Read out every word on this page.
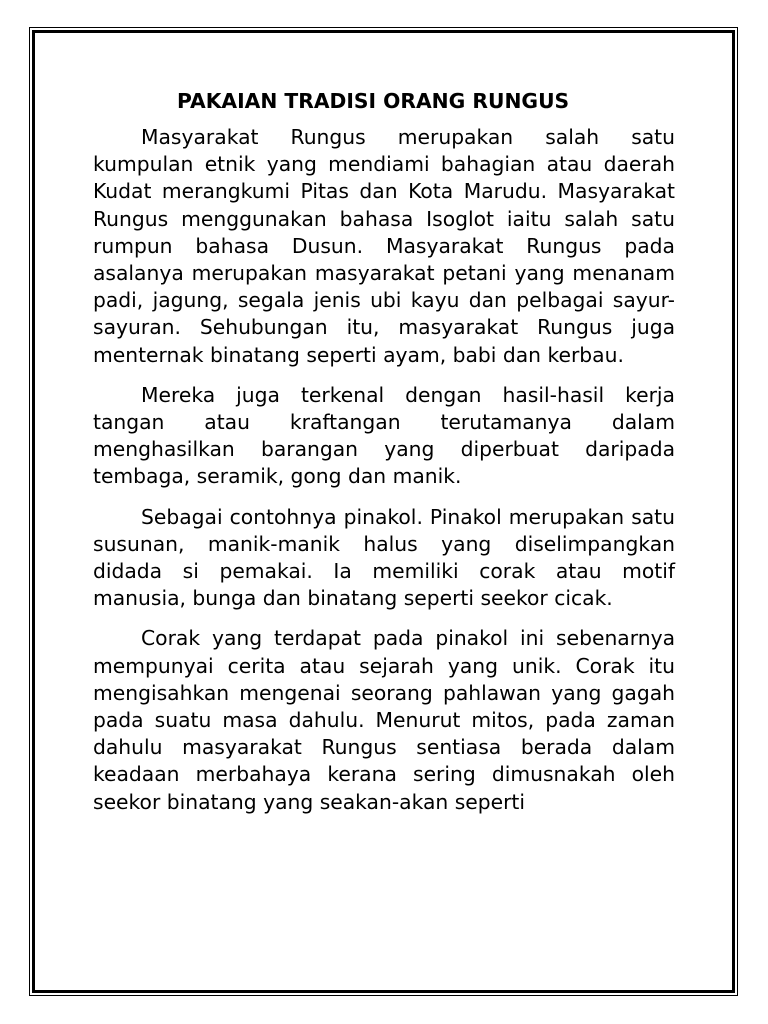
PAKAIAN TRADISI ORANG RUNGUS

Masyarakat Rungus merupakan salah satu kumpulan etnik yang mendiami bahagian atau daerah Kudat merangkumi Pitas dan Kota Marudu. Masyarakat Rungus menggunakan bahasa Isoglot iaitu salah satu rumpun bahasa Dusun. Masyarakat Rungus pada asalanya merupakan masyarakat petani yang menanam padi, jagung, segala jenis ubi kayu dan pelbagai sayur-sayuran. Sehubungan itu, masyarakat Rungus juga menternak binatang seperti ayam, babi dan kerbau.

Mereka juga terkenal dengan hasil-hasil kerja tangan atau kraftangan terutamanya dalam menghasilkan barangan yang diperbuat daripada tembaga, seramik, gong dan manik.

Sebagai contohnya pinakol. Pinakol merupakan satu susunan, manik-manik halus yang diselimpangkan didada si pemakai. Ia memiliki corak atau motif manusia, bunga dan binatang seperti seekor cicak.

Corak yang terdapat pada pinakol ini sebenarnya mempunyai cerita atau sejarah yang unik. Corak itu mengisahkan mengenai seorang pahlawan yang gagah pada suatu masa dahulu. Menurut mitos, pada zaman dahulu masyarakat Rungus sentiasa berada dalam keadaan merbahaya kerana sering dimusnakah oleh seekor binatang yang seakan-akan seperti
